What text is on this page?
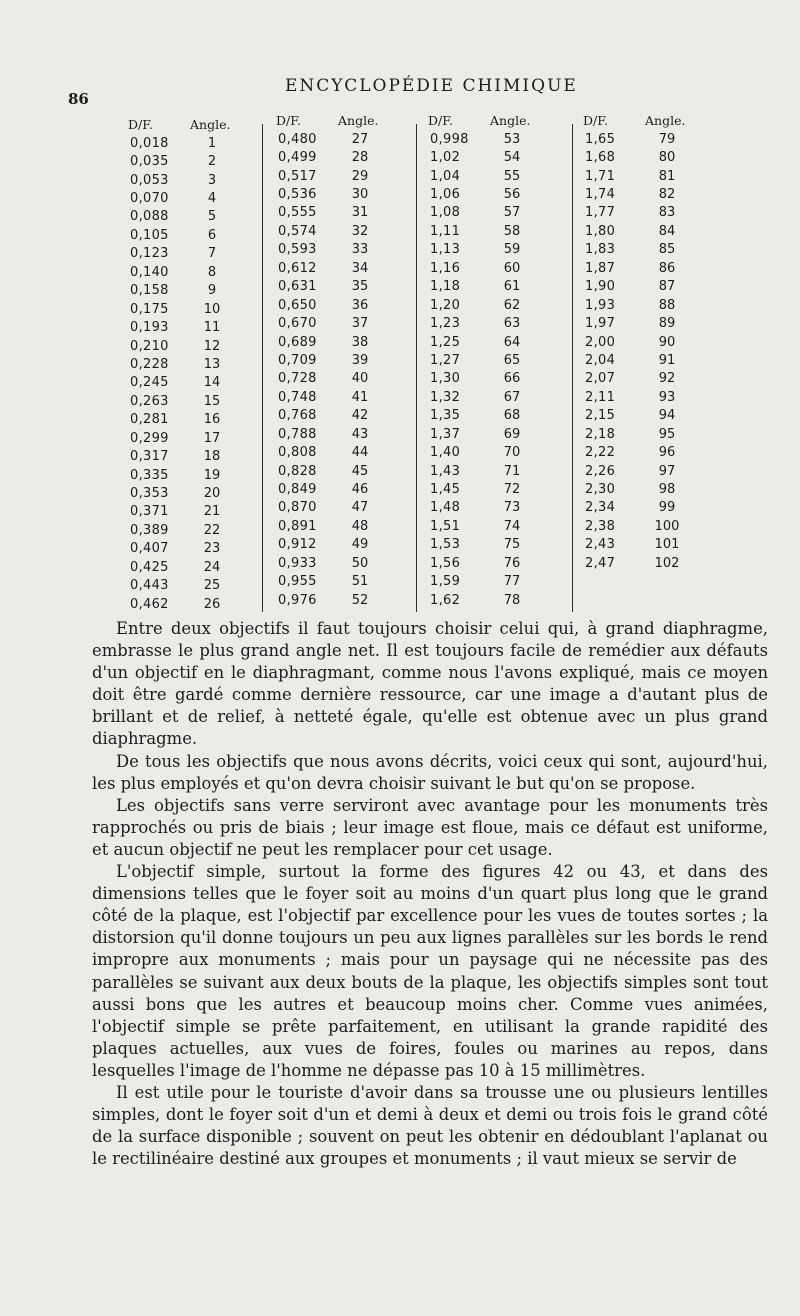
86
ENCYCLOPÉDIE CHIMIQUE
D/F.	Angle.
0,018	1
0,035	2
0,053	3
0,070	4
0,088	5
0,105	6
0,123	7
0,140	8
0,158	9
0,175	10
0,193	11
0,210	12
0,228	13
0,245	14
0,263	15
0,281	16
0,299	17
0,317	18
0,335	19
0,353	20
0,371	21
0,389	22
0,407	23
0,425	24
0,443	25
0,462	26
D/F.	Angle.
0,480	27
0,499	28
0,517	29
0,536	30
0,555	31
0,574	32
0,593	33
0,612	34
0,631	35
0,650	36
0,670	37
0,689	38
0,709	39
0,728	40
0,748	41
0,768	42
0,788	43
0,808	44
0,828	45
0,849	46
0,870	47
0,891	48
0,912	49
0,933	50
0,955	51
0,976	52
D/F.	Angle.
0,998	53
1,02	54
1,04	55
1,06	56
1,08	57
1,11	58
1,13	59
1,16	60
1,18	61
1,20	62
1,23	63
1,25	64
1,27	65
1,30	66
1,32	67
1,35	68
1,37	69
1,40	70
1,43	71
1,45	72
1,48	73
1,51	74
1,53	75
1,56	76
1,59	77
1,62	78
D/F.	Angle.
1,65	79
1,68	80
1,71	81
1,74	82
1,77	83
1,80	84
1,83	85
1,87	86
1,90	87
1,93	88
1,97	89
2,00	90
2,04	91
2,07	92
2,11	93
2,15	94
2,18	95
2,22	96
2,26	97
2,30	98
2,34	99
2,38	100
2,43	101
2,47	102

Entre deux objectifs il faut toujours choisir celui qui, à grand diaphragme, embrasse le plus grand angle net. Il est toujours facile de remédier aux défauts d'un objectif en le diaphragmant, comme nous l'avons expliqué, mais ce moyen doit être gardé comme dernière ressource, car une image a d'autant plus de brillant et de relief, à netteté égale, qu'elle est obtenue avec un plus grand diaphragme.

De tous les objectifs que nous avons décrits, voici ceux qui sont, aujourd'hui, les plus employés et qu'on devra choisir suivant le but qu'on se propose.

Les objectifs sans verre serviront avec avantage pour les monuments très rapprochés ou pris de biais ; leur image est floue, mais ce défaut est uniforme, et aucun objectif ne peut les remplacer pour cet usage.

L'objectif simple, surtout la forme des figures 42 ou 43, et dans des dimensions telles que le foyer soit au moins d'un quart plus long que le grand côté de la plaque, est l'objectif par excellence pour les vues de toutes sortes ; la distorsion qu'il donne toujours un peu aux lignes parallèles sur les bords le rend impropre aux monuments ; mais pour un paysage qui ne nécessite pas des parallèles se suivant aux deux bouts de la plaque, les objectifs simples sont tout aussi bons que les autres et beaucoup moins cher. Comme vues animées, l'objectif simple se prête parfaitement, en utilisant la grande rapidité des plaques actuelles, aux vues de foires, foules ou marines au repos, dans lesquelles l'image de l'homme ne dépasse pas 10 à 15 millimètres.

Il est utile pour le touriste d'avoir dans sa trousse une ou plusieurs lentilles simples, dont le foyer soit d'un et demi à deux et demi ou trois fois le grand côté de la surface disponible ; souvent on peut les obtenir en dédoublant l'aplanat ou le rectilinéaire destiné aux groupes et monuments ; il vaut mieux se servir de
